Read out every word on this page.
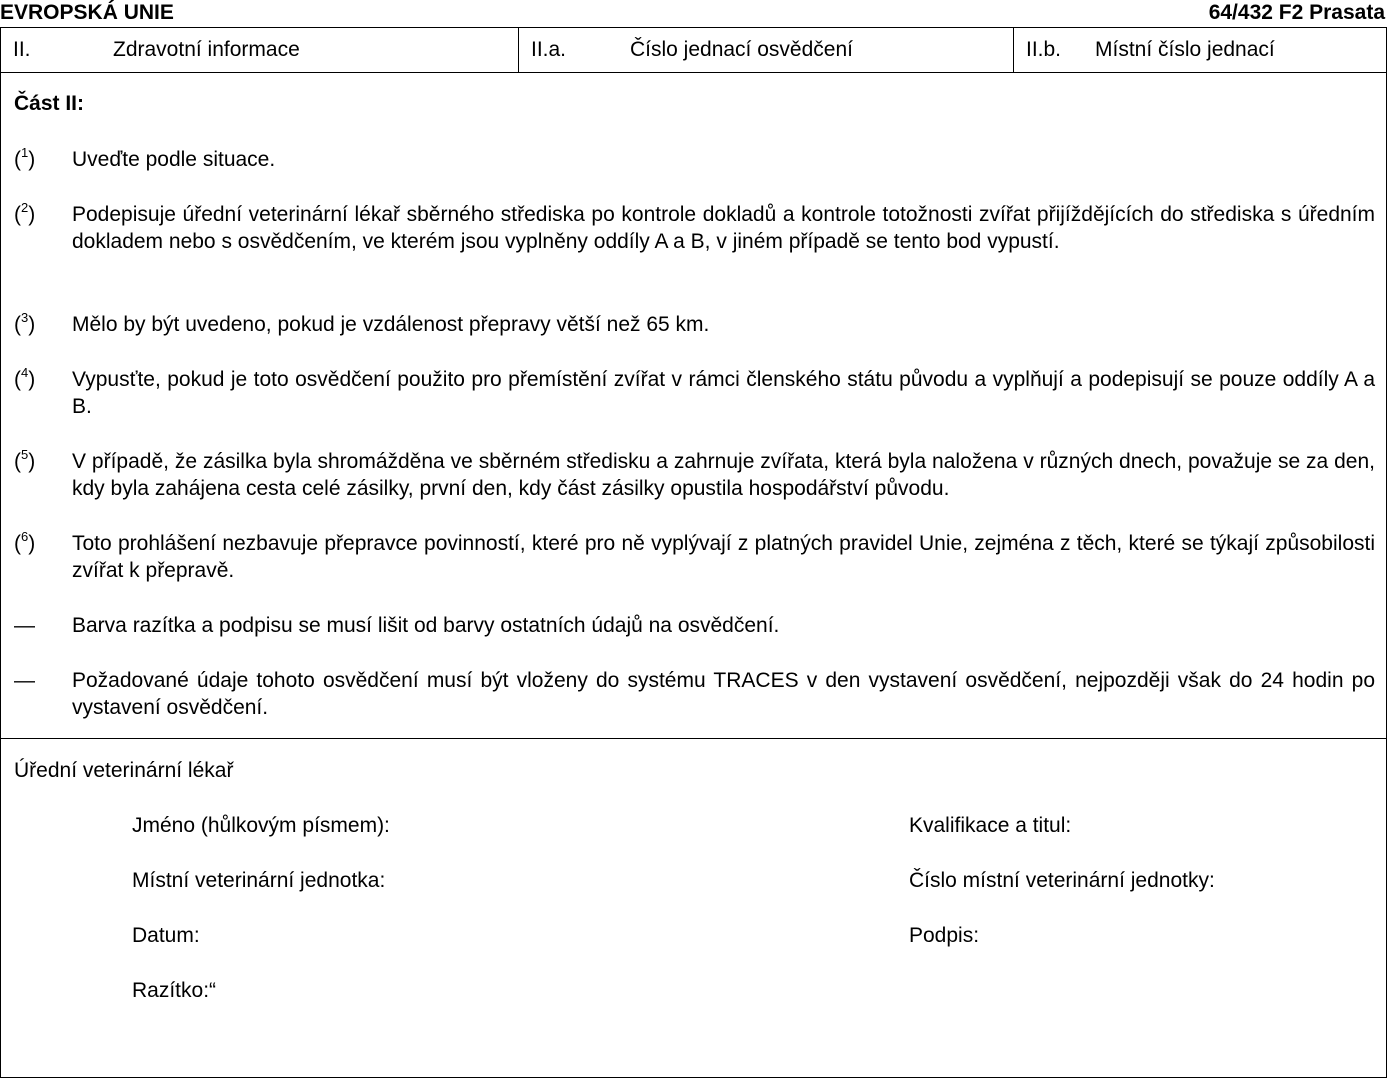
EVROPSKÁ UNIE	64/432 F2 Prasata
II.	Zdravotní informace	II.a.	Číslo jednací osvědčení	II.b. Místní číslo jednací
Část II:
($^1$)	Uveďte podle situace.
($^2$)	Podepisuje úřední veterinární lékař sběrného střediska po kontrole dokladů a kontrole totožnosti zvířat přijíždějících do střediska s úředním dokladem nebo s osvědčením, ve kterém jsou vyplněny oddíly A a B, v jiném případě se tento bod vypustí.
($^3$)	Mělo by být uvedeno, pokud je vzdálenost přepravy větší než 65 km.
($^4$)	Vypusťte, pokud je toto osvědčení použito pro přemístění zvířat v rámci členského státu původu a vyplňují a podepisují se pouze oddíly A a B.
($^5$)	V případě, že zásilka byla shromážděna ve sběrném středisku a zahrnuje zvířata, která byla naložena v různých dnech, považuje se za den, kdy byla zahájena cesta celé zásilky, první den, kdy část zásilky opustila hospodářství původu.
($^6$)	Toto prohlášení nezbavuje přepravce povinností, které pro ně vyplývají z platných pravidel Unie, zejména z těch, které se týkají způsobilosti zvířat k přepravě.
—	Barva razítka a podpisu se musí lišit od barvy ostatních údajů na osvědčení.
—	Požadované údaje tohoto osvědčení musí být vloženy do systému TRACES v den vystavení osvědčení, nejpozději však do 24 hodin po vystavení osvědčení.
Úřední veterinární lékař
Jméno (hůlkovým písmem):	Kvalifikace a titul:
Místní veterinární jednotka:	Číslo místní veterinární jednotky:
Datum:	Podpis:
Razítko:“
